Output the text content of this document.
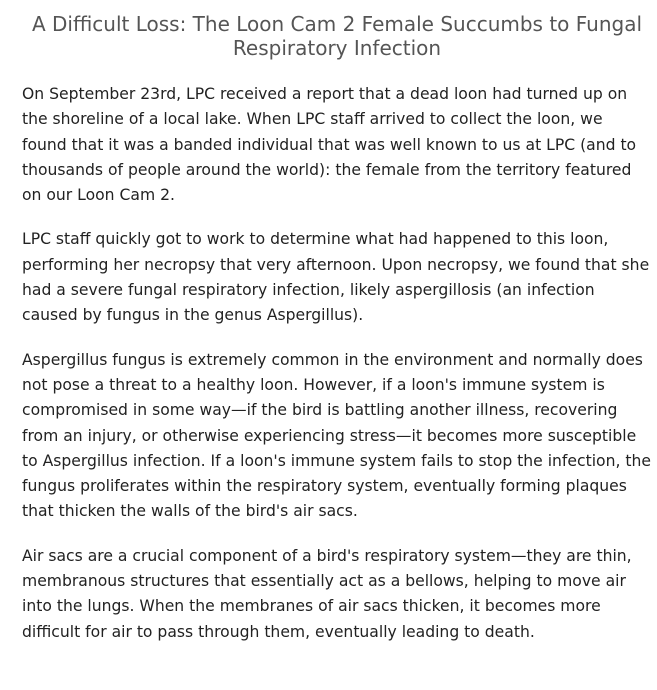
A Difficult Loss: The Loon Cam 2 Female Succumbs to Fungal Respiratory Infection

On September 23rd, LPC received a report that a dead loon had turned up on the shoreline of a local lake. When LPC staff arrived to collect the loon, we found that it was a banded individual that was well known to us at LPC (and to thousands of people around the world): the female from the territory featured on our Loon Cam 2.

LPC staff quickly got to work to determine what had happened to this loon, performing her necropsy that very afternoon. Upon necropsy, we found that she had a severe fungal respiratory infection, likely aspergillosis (an infection caused by fungus in the genus Aspergillus).

Aspergillus fungus is extremely common in the environment and normally does not pose a threat to a healthy loon. However, if a loon's immune system is compromised in some way—if the bird is battling another illness, recovering from an injury, or otherwise experiencing stress—it becomes more susceptible to Aspergillus infection. If a loon's immune system fails to stop the infection, the fungus proliferates within the respiratory system, eventually forming plaques that thicken the walls of the bird's air sacs.

Air sacs are a crucial component of a bird's respiratory system—they are thin, membranous structures that essentially act as a bellows, helping to move air into the lungs. When the membranes of air sacs thicken, it becomes more difficult for air to pass through them, eventually leading to death.
